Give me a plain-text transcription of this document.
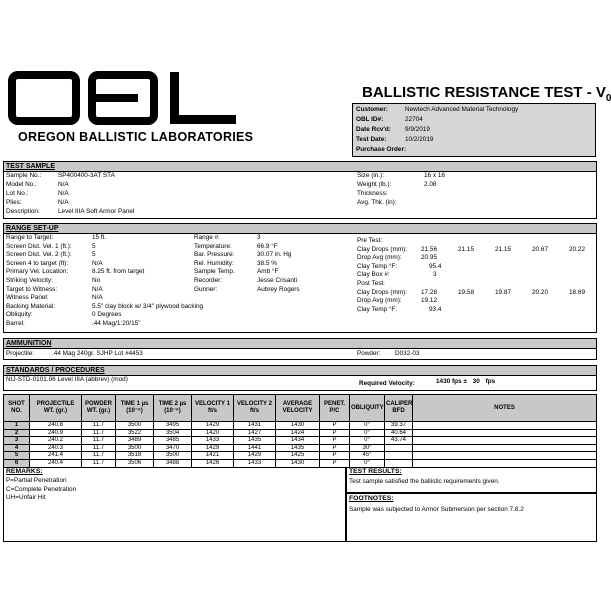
OREGON BALLISTIC LABORATORIES
BALLISTIC RESISTANCE TEST - $V_0$
Customer:	Newtech Advanced Material Technology
OBL ID#:	22704
Date Rcv'd: 9/9/2019
Test Date:	10/2/2019
Purchase Order:
TEST SAMPLE
Sample No.:	SP400400-3AT STA
Model No.:	N/A
Lot No.:	N/A
Plies:	N/A
Description:	Level IIIA Soft Armor Panel
Size (in.):	16 x 16
Weight (lb.):	2.08
Thickness:
Avg. Thk. (in):
RANGE SET-UP
Range to Target:	15 ft.
Screen Dist. Vel. 1 (ft.):	5
Screen Dist. Vel. 2 (ft.):	5
Screen 4 to target (ft):	N/A
Primary Vel. Location:	8.25 ft. from target
Striking Velocity:	No
Target to Witness:	N/A
Witness Panel:	N/A
Backing Material:	5.5" clay block w/ 3/4" plywood backing
Obliquity:	0 Degrees
Barrel:	.44 Mag/1:20/15"
Range #:	3
Temperature:	66.9 °F
Bar. Pressure:	30.07 in. Hg
Rel. Humidity:	38.5 %
Sample Temp.	Amb °F
Recorder:	Jesse Crisanti
Gunner:	Aubrey Rogers
Pre Test:
Clay Drops (mm): 21.56	21.15	21.15	20.67	20.22
Drop Avg (mm):	20.95
Clay Temp °F:	95.4
Clay Box #:	3
Post Test:
Clay Drops (mm): 17.28	19.58	19.87	20.20	18.69
Drop Avg (mm):	19.12
Clay Temp °F:	93.4
AMMUNITION
Projectile:	.44 Mag 240gr. SJHP Lot #4453	Powder: D032-03
STANDARDS / PROCEDURES
NIJ-STD-0101.06 Level IIIA (abbrev) (mod)
Required Velocity:	1430 fps ± 30 fps
SHOT NO.	PROJECTILE WT. (gr.)	POWDER WT. (gr.)	TIME 1 µs (10⁻⁶)	TIME 2 µs (10⁻⁶)	VELOCITY 1 ft/s	VELOCITY 2 ft/s	AVERAGE VELOCITY	PENET. P/C	OBLIQUITY	CALIPER BFD	NOTES
1	240.8	11.7	3500	3495	1429	1431	1430	P	0°	39.37	
2	240.9	11.7	3522	3504	1420	1427	1424	P	0°	40.64	
3	240.2	11.7	3489	3485	1433	1435	1434	P	0°	43.74	
4	240.3	11.7	3500	3470	1429	1441	1435	P	30°		
5	241.4	11.7	3518	3500	1421	1429	1425	P	45°		
6	240.4	11.7	3506	3488	1426	1433	1430	P	0°		
REMARKS:
P=Partial Penetration
C=Complete Penetration
UH=Unfair Hit
TEST RESULTS:
Test sample satisfied the ballistic requirements given.
FOOTNOTES:
Sample was subjected to Armor Submersion per section 7.8.2
